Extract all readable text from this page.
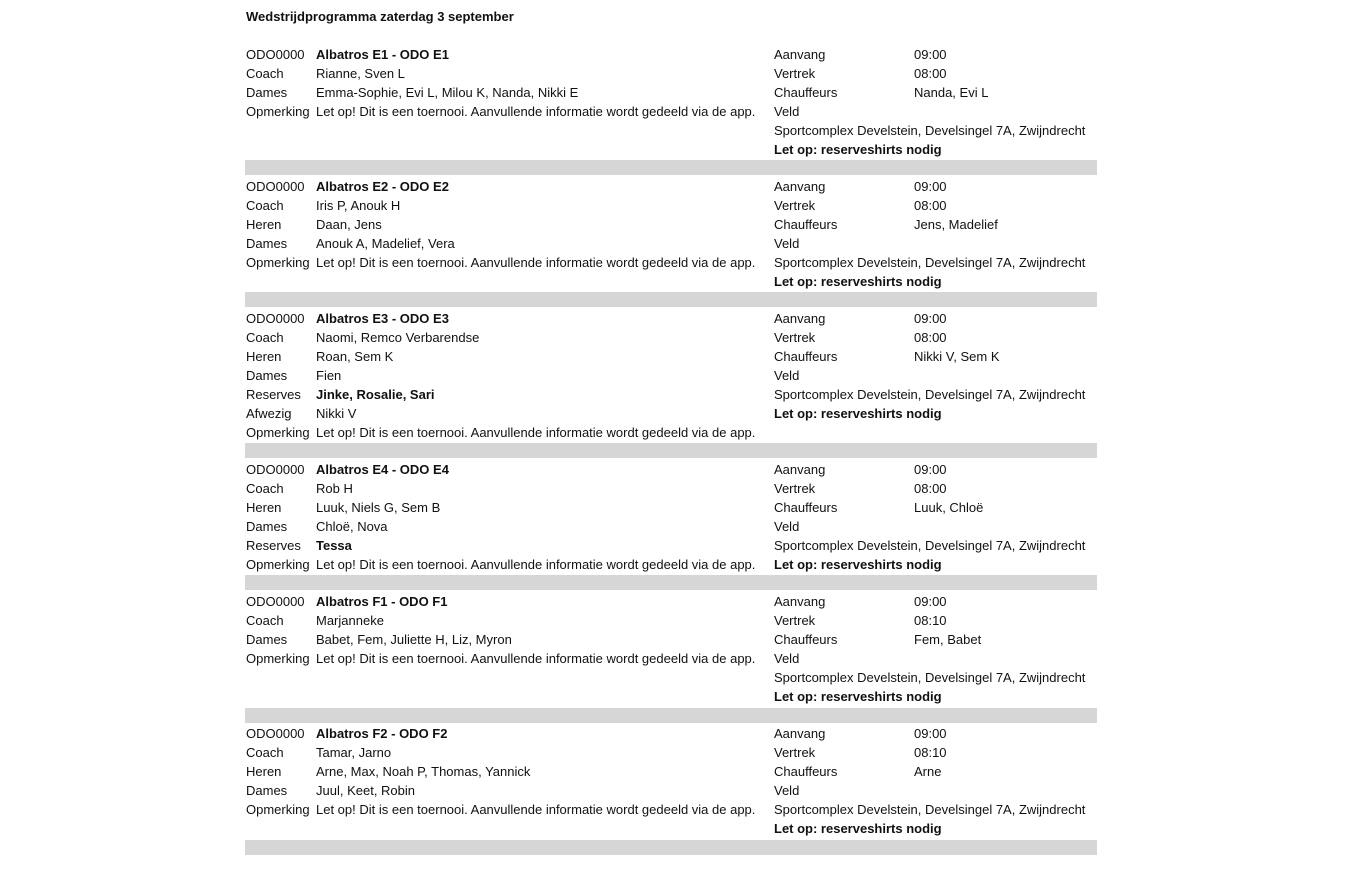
Wedstrijdprogramma zaterdag 3 september
ODO0000 Albatros E1 - ODO E1
Coach Rianne, Sven L
Dames Emma-Sophie, Evi L, Milou K, Nanda, Nikki E
Opmerking Let op! Dit is een toernooi. Aanvullende informatie wordt gedeeld via de app.
Aanvang	09:00
Vertrek	08:00
Chauffeurs	Nanda, Evi L
Veld
Sportcomplex Develstein, Develsingel 7A, Zwijndrecht
Let op: reserveshirts nodig
ODO0000 Albatros E2 - ODO E2
Coach Iris P, Anouk H
Heren	Daan, Jens
Dames Anouk A, Madelief, Vera
Opmerking Let op! Dit is een toernooi. Aanvullende informatie wordt gedeeld via de app.
Aanvang	09:00
Vertrek	08:00
Chauffeurs	Jens, Madelief
Veld
Sportcomplex Develstein, Develsingel 7A, Zwijndrecht
Let op: reserveshirts nodig
ODO0000 Albatros E3 - ODO E3
Coach Naomi, Remco Verbarendse
Heren	Roan, Sem K
Dames Fien
Reserves Jinke, Rosalie, Sari
Afwezig Nikki V
Opmerking Let op! Dit is een toernooi. Aanvullende informatie wordt gedeeld via de app.
Aanvang	09:00
Vertrek	08:00
Chauffeurs	Nikki V, Sem K
Veld
Sportcomplex Develstein, Develsingel 7A, Zwijndrecht
Let op: reserveshirts nodig
ODO0000 Albatros E4 - ODO E4
Coach Rob H
Heren	Luuk, Niels G, Sem B
Dames Chloë, Nova
Reserves Tessa
Opmerking Let op! Dit is een toernooi. Aanvullende informatie wordt gedeeld via de app.
Aanvang	09:00
Vertrek	08:00
Chauffeurs	Luuk, Chloë
Veld
Sportcomplex Develstein, Develsingel 7A, Zwijndrecht
Let op: reserveshirts nodig
ODO0000 Albatros F1 - ODO F1
Coach Marjanneke
Dames Babet, Fem, Juliette H, Liz, Myron
Opmerking Let op! Dit is een toernooi. Aanvullende informatie wordt gedeeld via de app.
Aanvang	09:00
Vertrek	08:10
Chauffeurs	Fem, Babet
Veld
Sportcomplex Develstein, Develsingel 7A, Zwijndrecht
Let op: reserveshirts nodig
ODO0000 Albatros F2 - ODO F2
Coach Tamar, Jarno
Heren	Arne, Max, Noah P, Thomas, Yannick
Dames Juul, Keet, Robin
Opmerking Let op! Dit is een toernooi. Aanvullende informatie wordt gedeeld via de app.
Aanvang	09:00
Vertrek	08:10
Chauffeurs	Arne
Veld
Sportcomplex Develstein, Develsingel 7A, Zwijndrecht
Let op: reserveshirts nodig
